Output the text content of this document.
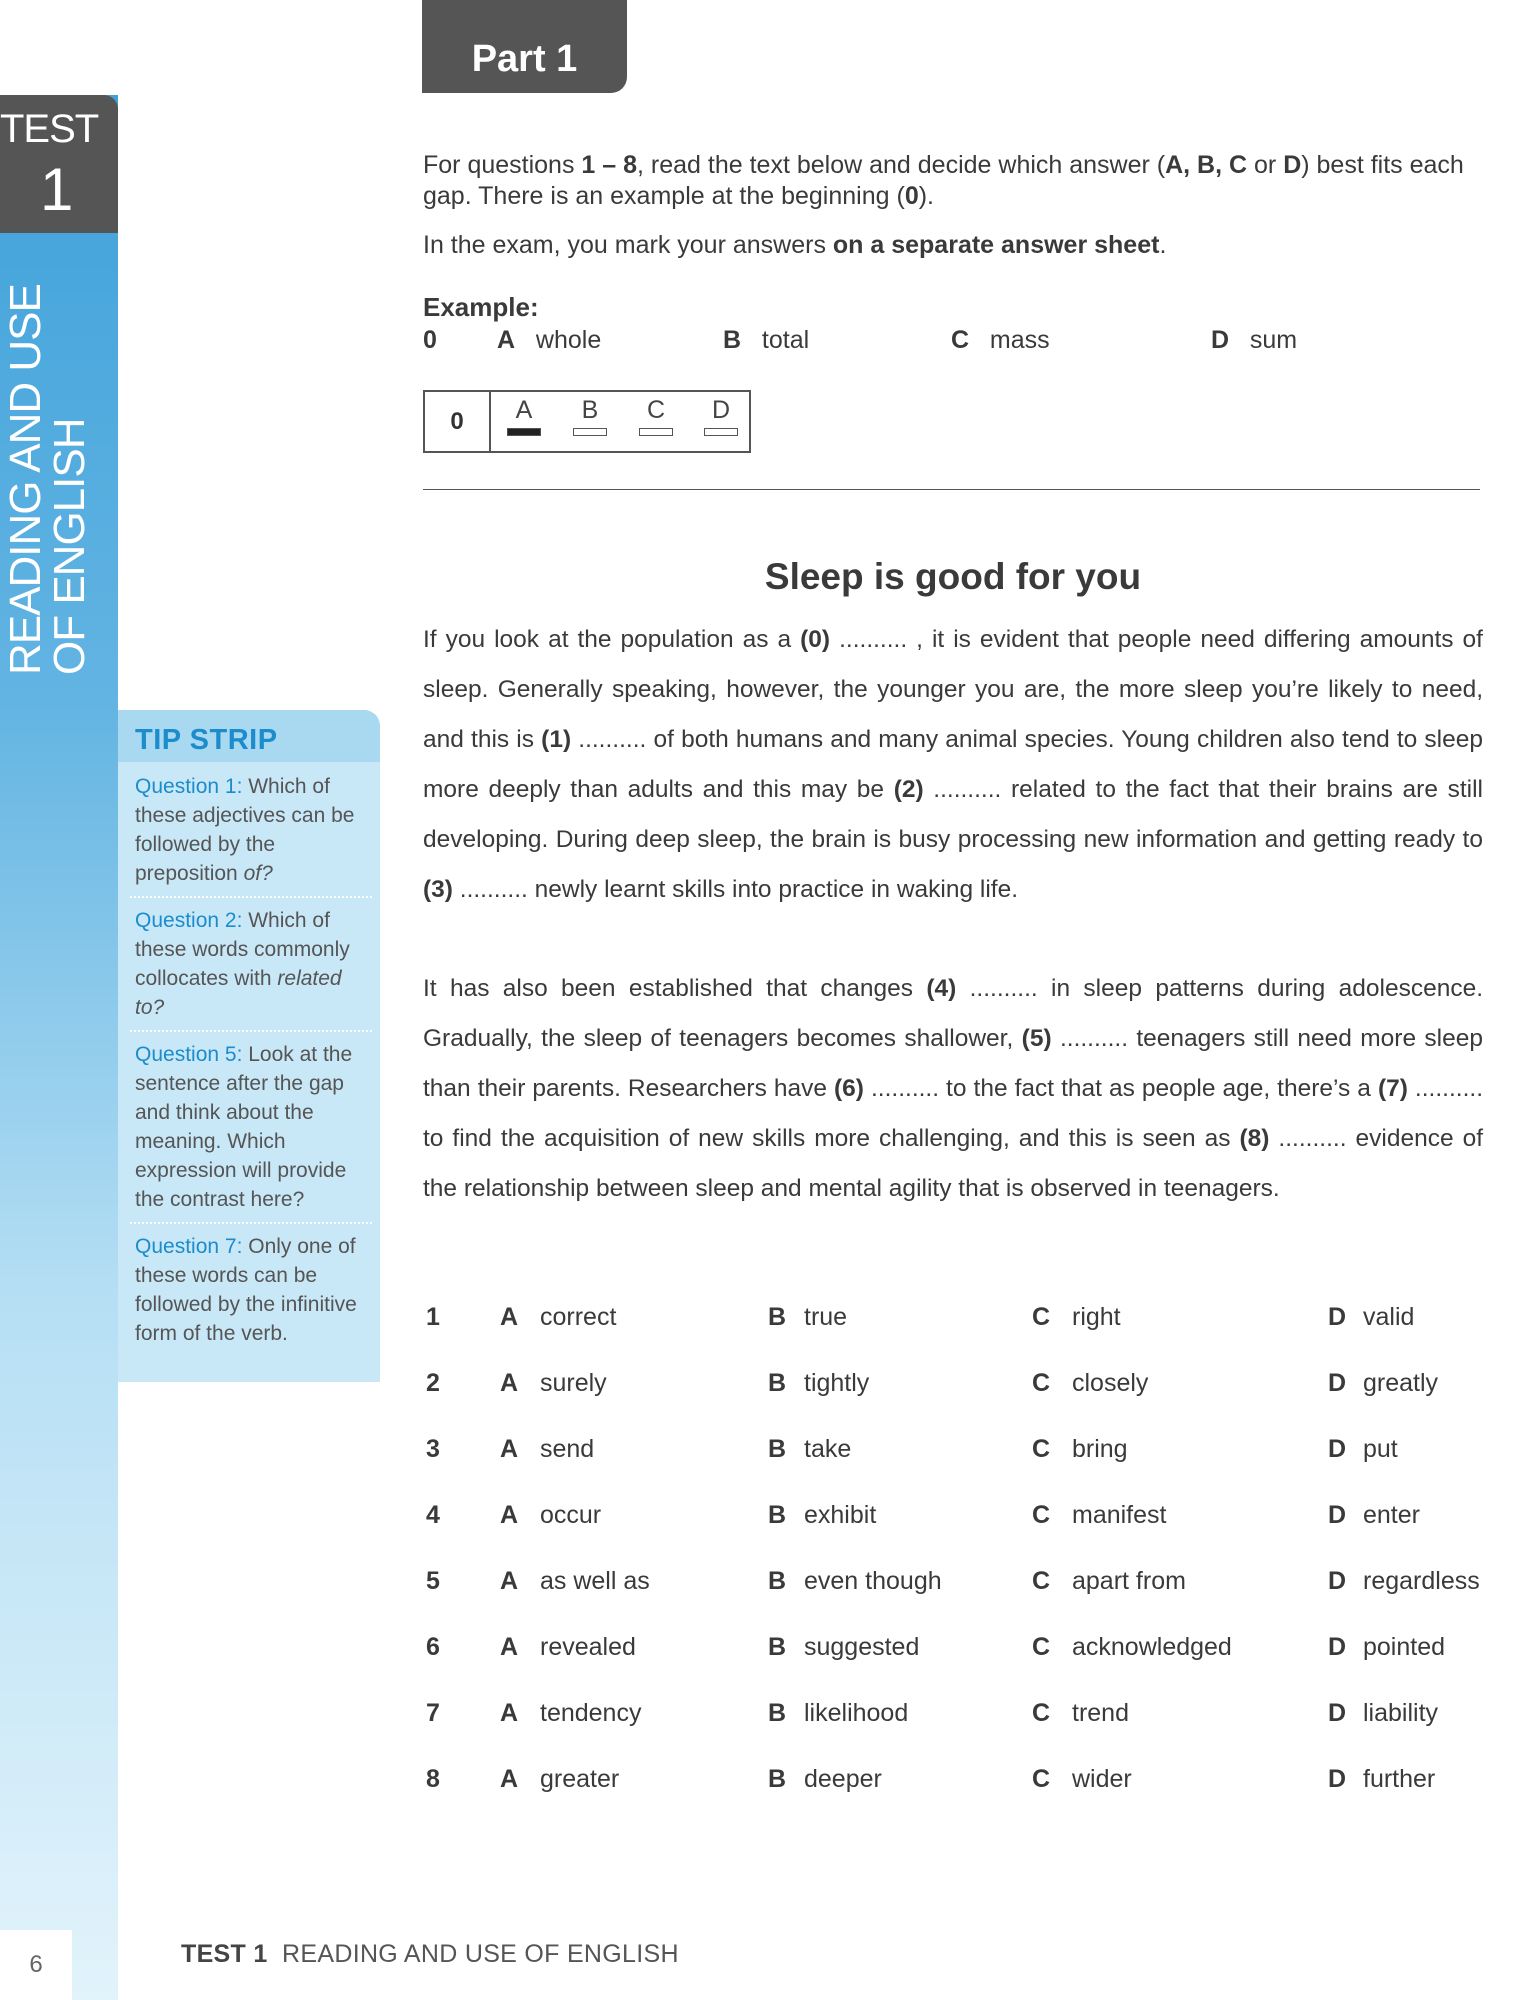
TEST
1
READING AND USE
OF ENGLISH
6
TIP STRIP
Question 1: Which of these adjectives can be followed by the preposition of?
Question 2: Which of these words commonly collocates with related to?
Question 5: Look at the sentence after the gap and think about the meaning. Which expression will provide the contrast here?
Question 7: Only one of these words can be followed by the infinitive form of the verb.
Part 1
For questions 1 – 8, read the text below and decide which answer (A, B, C or D) best fits each gap. There is an example at the beginning (0).
In the exam, you mark your answers on a separate answer sheet.
Example:
0 A whole	B total	C mass	D sum
0	A	B	C	D
Sleep is good for you
If you look at the population as a (0) .......... , it is evident that people need differing amounts of sleep. Generally speaking, however, the younger you are, the more sleep you’re likely to need, and this is (1) .......... of both humans and many animal species. Young children also tend to sleep more deeply than adults and this may be (2) .......... related to the fact that their brains are still developing. During deep sleep, the brain is busy processing new information and getting ready to (3) .......... newly learnt skills into practice in waking life.
It has also been established that changes (4) .......... in sleep patterns during adolescence. Gradually, the sleep of teenagers becomes shallower, (5) .......... teenagers still need more sleep than their parents. Researchers have (6) .......... to the fact that as people age, there’s a (7) .......... to find the acquisition of new skills more challenging, and this is seen as (8) .......... evidence of the relationship between sleep and mental agility that is observed in teenagers.
1 A correct	B true	C right	D valid
2 A surely	B tightly	C closely	D greatly
3 A send	B take	C bring	D put
4 A occur	B exhibit	C manifest	D enter
5 A as well as	B even though	C apart from	D regardless
6 A revealed	B suggested	C acknowledged	D pointed
7 A tendency	B likelihood	C trend	D liability
8 A greater	B deeper	C wider	D further
TEST 1 READING AND USE OF ENGLISH
